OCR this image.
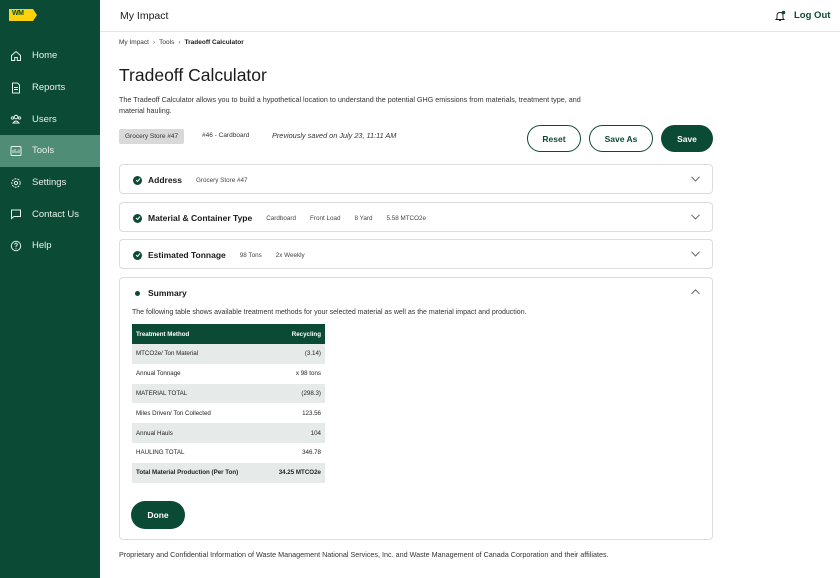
WM
Home
Reports
Users
Tools
Settings
Contact Us
Help
My Impact	Log Out
My Impact › Tools › Tradeoff Calculator
Tradeoff Calculator
The Tradeoff Calculator allows you to build a hypothetical location to understand the potential GHG emissions from materials, treatment type, and material hauling.
Grocery Store #47	#46 - Cardboard	Previously saved on July 23, 11:11 AM	Reset	Save As	Save
Address Grocery Store #47
Material & Container Type Cardboard Front Load 8 Yard 5.58 MTCO2e
Estimated Tonnage 98 Tons 2x Weekly
Summary
The following table shows available treatment methods for your selected material as well as the material impact and production.
Treatment Method	Recycling
MTCO2e/ Ton Material	(3.14)
Annual Tonnage	x 98 tons
MATERIAL TOTAL	(298.3)
Miles Driven/ Ton Collected	123.56
Annual Hauls	104
HAULING TOTAL	346.78
Total Material Production (Per Ton)	34.25 MTCO2e
Done
Proprietary and Confidential Information of Waste Management National Services, Inc. and Waste Management of Canada Corporation and their affiliates.
